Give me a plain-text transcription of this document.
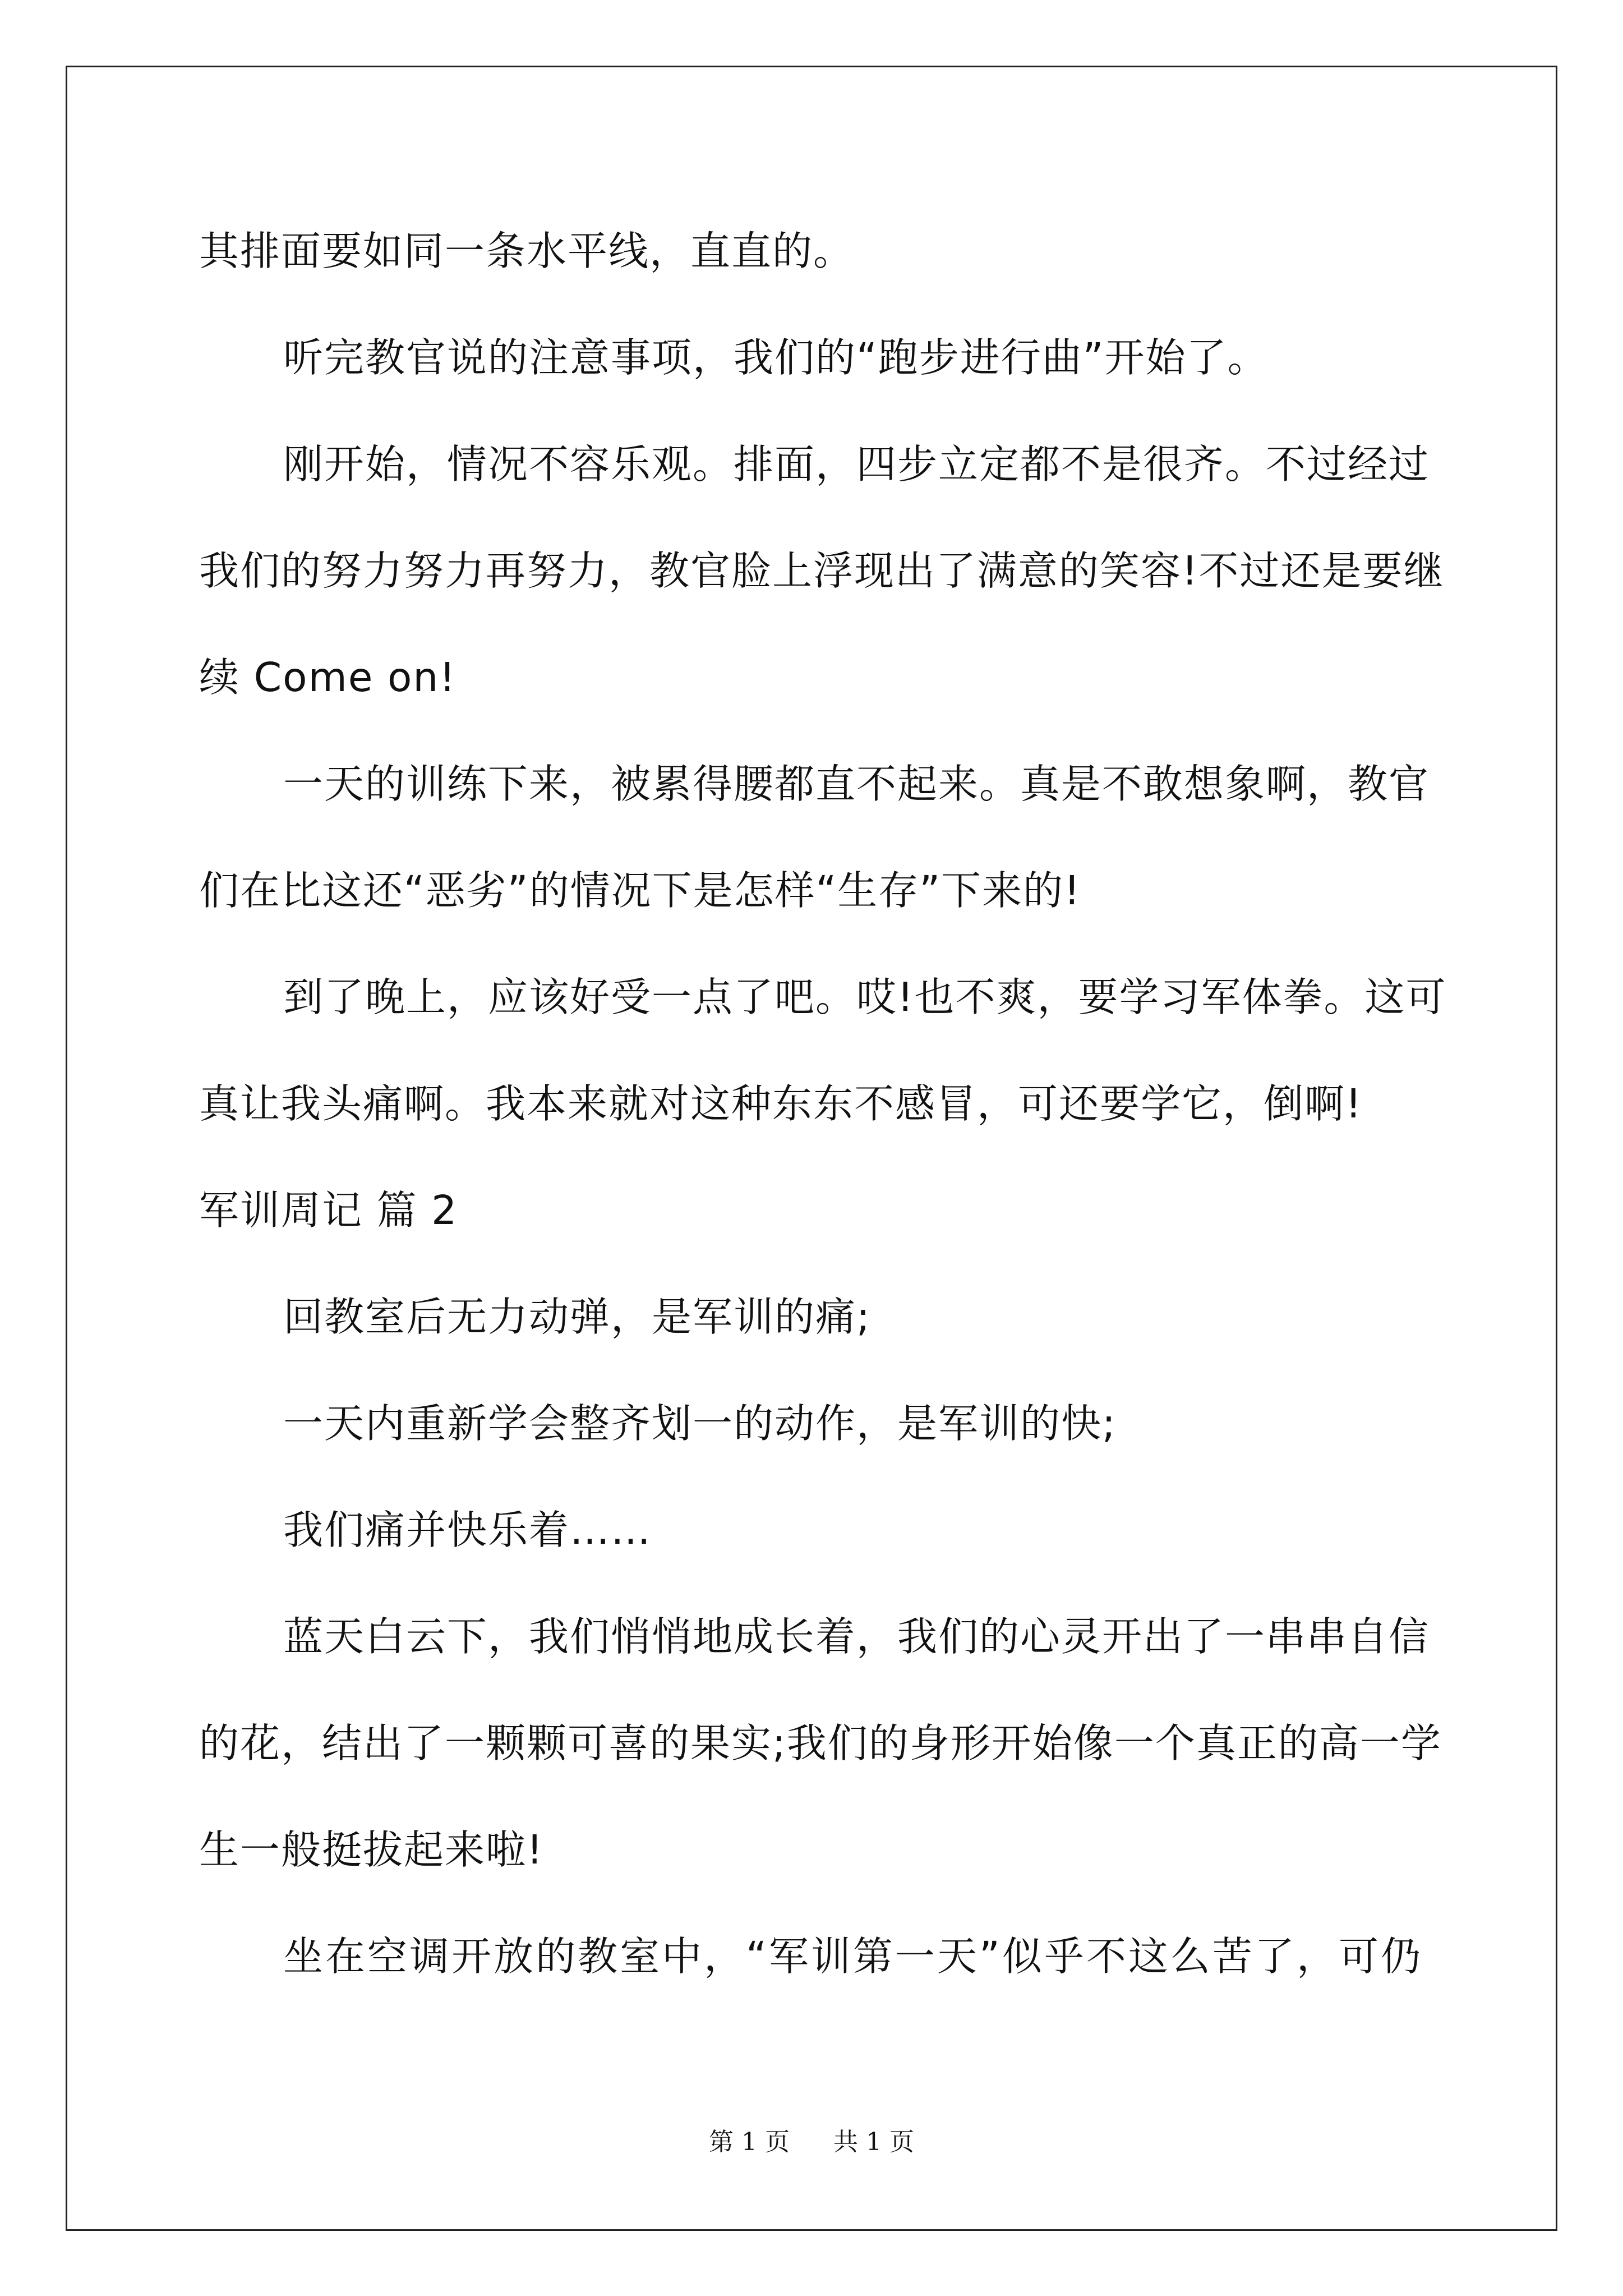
其排面要如同一条水平线，直直的。
听完教官说的注意事项，我们的“跑步进行曲”开始了。
刚开始，情况不容乐观。排面，四步立定都不是很齐。不过经过
我们的努力努力再努力，教官脸上浮现出了满意的笑容!不过还是要继
续 Come on!
一天的训练下来，被累得腰都直不起来。真是不敢想象啊，教官
们在比这还“恶劣”的情况下是怎样“生存”下来的!
到了晚上，应该好受一点了吧。哎!也不爽，要学习军体拳。这可
真让我头痛啊。我本来就对这种东东不感冒，可还要学它，倒啊!
军训周记 篇 2
回教室后无力动弹，是军训的痛;
一天内重新学会整齐划一的动作，是军训的快;
我们痛并快乐着……
蓝天白云下，我们悄悄地成长着，我们的心灵开出了一串串自信
的花，结出了一颗颗可喜的果实;我们的身形开始像一个真正的高一学
生一般挺拔起来啦!
坐在空调开放的教室中，“军训第一天”似乎不这么苦了，可仍
第 1 页 共 1 页
